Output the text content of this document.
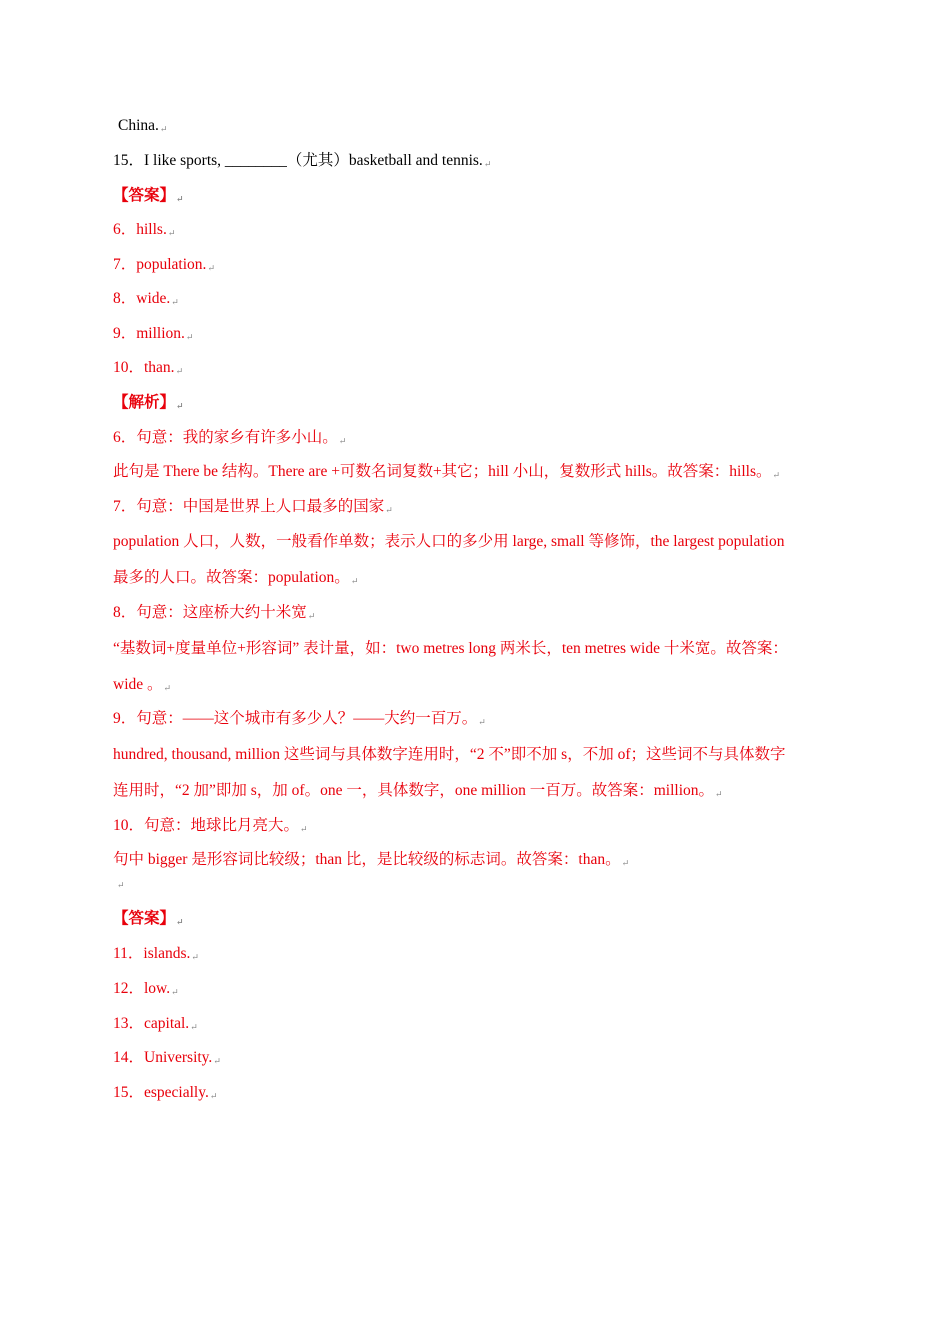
China.↵
15．I like sports, ________（尤其）basketball and tennis.↵
【答案】↵
6．hills.↵
7．population.↵
8．wide.↵
9．million.↵
10．than.↵
【解析】↵
6．句意：我的家乡有许多小山。↵
此句是 There be 结构。There are +可数名词复数+其它；hill 小山，复数形式 hills。故答案：hills。↵
7．句意：中国是世界上人口最多的国家↵
population 人口，人数，一般看作单数；表示人口的多少用 large, small 等修饰，the largest population
最多的人口。故答案：population。↵
8．句意：这座桥大约十米宽↵
“基数词+度量单位+形容词” 表计量，如：two metres long 两米长，ten metres wide 十米宽。故答案：
wide 。↵
9．句意：——这个城市有多少人？——大约一百万。↵
hundred, thousand, million 这些词与具体数字连用时，“2 不”即不加 s，不加 of；这些词不与具体数字
连用时，“2 加”即加 s，加 of。one 一，具体数字，one million 一百万。故答案：million。↵
10．句意：地球比月亮大。↵
句中 bigger 是形容词比较级；than 比，是比较级的标志词。故答案：than。↵
↵
【答案】↵
11．islands.↵
12．low.↵
13．capital.↵
14．University.↵
15．especially.↵
